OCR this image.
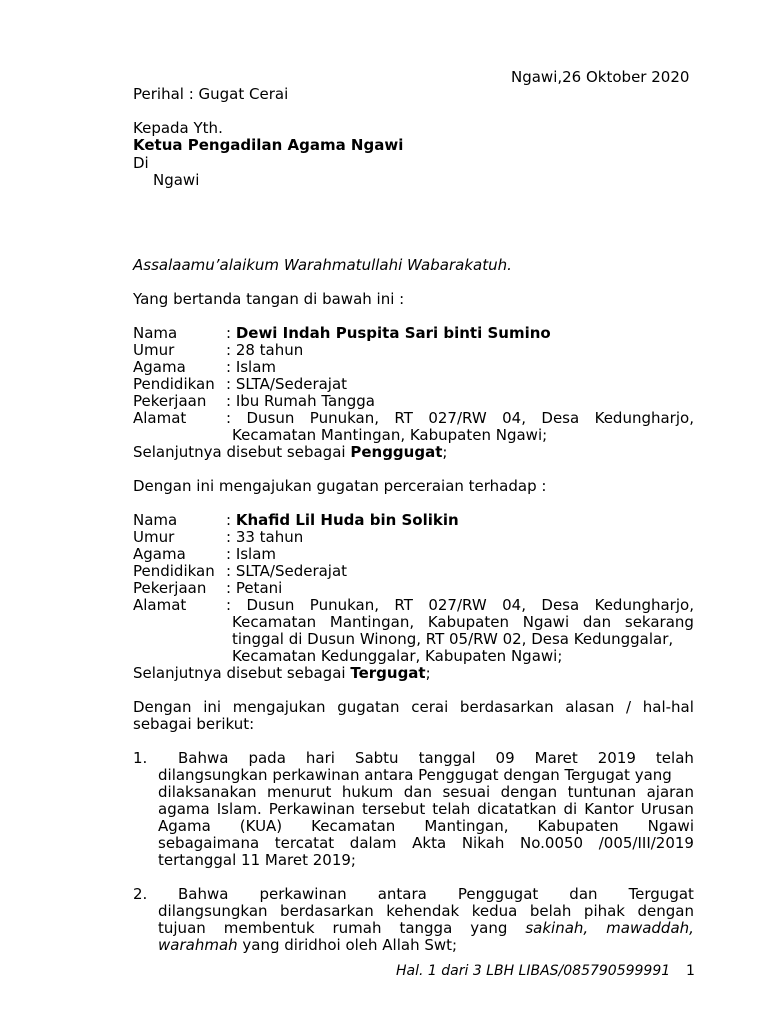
Ngawi,26 Oktober 2020
Perihal : Gugat Cerai
Kepada Yth.
Ketua Pengadilan Agama Ngawi
Di
Ngawi
Assalaamu’alaikum Warahmatullahi Wabarakatuh.
Yang bertanda tangan di bawah ini :
Nama
Umur
Agama
Pendidikan
Pekerjaan
Alamat
: Dewi Indah Puspita Sari binti Sumino
: 28 tahun
: Islam
: SLTA/Sederajat
: Ibu Rumah Tangga
: Dusun Punukan, RT 027/RW 04, Desa Kedungharjo,
Kecamatan Mantingan, Kabupaten Ngawi;
Selanjutnya disebut sebagai Penggugat;
Dengan ini mengajukan gugatan perceraian terhadap :
Nama
Umur
Agama
Pendidikan
Pekerjaan
Alamat
: Khafid Lil Huda bin Solikin
: 33 tahun
: Islam
: SLTA/Sederajat
: Petani
: Dusun Punukan, RT 027/RW 04, Desa Kedungharjo,
Kecamatan Mantingan, Kabupaten Ngawi dan sekarang
tinggal di Dusun Winong, RT 05/RW 02, Desa Kedunggalar,
Kecamatan Kedunggalar, Kabupaten Ngawi;
Selanjutnya disebut sebagai Tergugat;
Dengan ini mengajukan gugatan cerai berdasarkan alasan / hal-hal
sebagai berikut:
1. Bahwa pada hari Sabtu tanggal 09 Maret 2019 telah
dilangsungkan perkawinan antara Penggugat dengan Tergugat yang
dilaksanakan menurut hukum dan sesuai dengan tuntunan ajaran
agama Islam. Perkawinan tersebut telah dicatatkan di Kantor Urusan
Agama (KUA) Kecamatan Mantingan, Kabupaten Ngawi
sebagaimana tercatat dalam Akta Nikah No.0050 /005/III/2019
tertanggal 11 Maret 2019;
2. Bahwa perkawinan antara Penggugat dan Tergugat
dilangsungkan berdasarkan kehendak kedua belah pihak dengan
tujuan membentuk rumah tangga yang sakinah, mawaddah,
warahmah yang diridhoi oleh Allah Swt;
Hal. 1 dari 3 LBH LIBAS/085790599991 1
